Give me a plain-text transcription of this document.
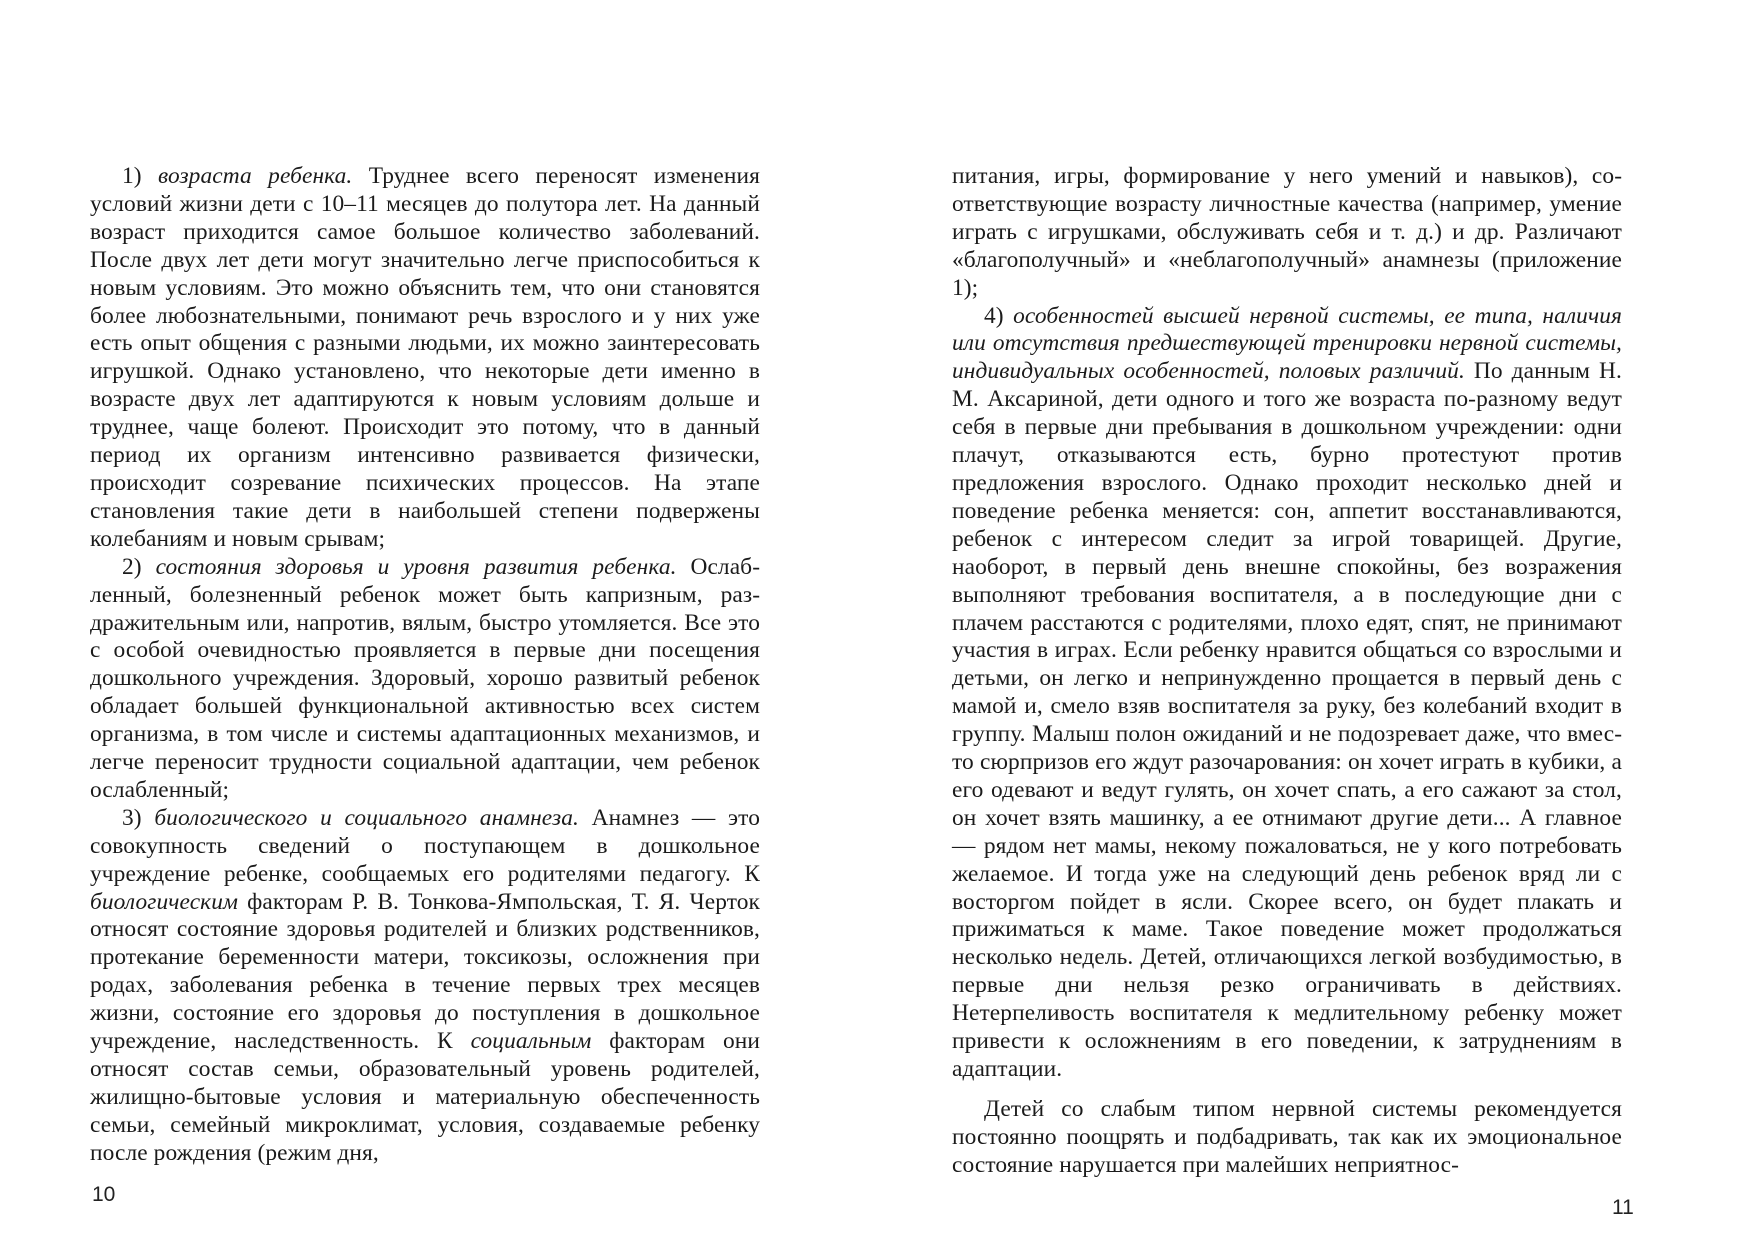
1) возраста ребенка. Труднее всего переносят изменения условий жизни дети с 10–11 месяцев до полутора лет. На данный возраст приходится самое большое количество заболеваний. После двух лет дети могут значительно легче приспособиться к новым условиям. Это можно объяснить тем, что они становятся более любознательными, понимают речь взрослого и у них уже есть опыт общения с разными людьми, их можно заинтересовать игрушкой. Однако установлено, что некоторые дети именно в возрасте двух лет адаптируются к новым условиям дольше и труднее, чаще болеют. Происходит это потому, что в данный период их организм интенсивно развивается физически, происходит созревание психических процессов. На этапе становления такие дети в наибольшей степени подвержены колебаниям и новым срывам;

2) состояния здоровья и уровня развития ребенка. Ослабленный, болезненный ребенок может быть капризным, раздражительным или, напротив, вялым, быстро утомляется. Все это с особой очевидностью проявляется в первые дни посещения дошкольного учреждения. Здоровый, хорошо развитый ребенок обладает большей функциональной активностью всех систем организма, в том числе и системы адаптационных механизмов, и легче переносит трудности социальной адаптации, чем ребенок ослабленный;

3) биологического и социального анамнеза. Анамнез — это совокупность сведений о поступающем в дошкольное учреждение ребенке, сообщаемых его родителями педагогу. К биологическим факторам Р. В. Тонкова-Ямпольская, Т. Я. Черток относят состояние здоровья родителей и близких родственников, протекание беременности матери, токсикозы, осложнения при родах, заболевания ребенка в течение первых трех месяцев жизни, состояние его здоровья до поступления в дошкольное учреждение, наследственность. К социальным факторам они относят состав семьи, образовательный уровень родителей, жилищно-бытовые условия и материальную обеспеченность семьи, семейный микроклимат, условия, создаваемые ребенку после рождения (режим дня,

10

питания, игры, формирование у него умений и навыков), соответствующие возрасту личностные качества (например, умение играть с игрушками, обслуживать себя и т. д.) и др. Различают «благополучный» и «неблагополучный» анамнезы (приложение 1);

4) особенностей высшей нервной системы, ее типа, наличия или отсутствия предшествующей тренировки нервной системы, индивидуальных особенностей, половых различий. По данным Н. М. Аксариной, дети одного и того же возраста по-разному ведут себя в первые дни пребывания в дошкольном учреждении: одни плачут, отказываются есть, бурно протестуют против предложения взрослого. Однако проходит несколько дней и поведение ребенка меняется: сон, аппетит восстанавливаются, ребенок с интересом следит за игрой товарищей. Другие, наоборот, в первый день внешне спокойны, без возражения выполняют требования воспитателя, а в последующие дни с плачем расстаются с родителями, плохо едят, спят, не принимают участия в играх. Если ребенку нравится общаться со взрослыми и детьми, он легко и непринужденно прощается в первый день с мамой и, смело взяв воспитателя за руку, без колебаний входит в группу. Малыш полон ожиданий и не подозревает даже, что вместо сюрпризов его ждут разочарования: он хочет играть в кубики, а его одевают и ведут гулять, он хочет спать, а его сажают за стол, он хочет взять машинку, а ее отнимают другие дети... А главное — рядом нет мамы, некому пожаловаться, не у кого потребовать желаемое. И тогда уже на следующий день ребенок вряд ли с восторгом пойдет в ясли. Скорее всего, он будет плакать и прижиматься к маме. Такое поведение может продолжаться несколько недель. Детей, отличающихся легкой возбудимостью, в первые дни нельзя резко ограничивать в действиях. Нетерпеливость воспитателя к медлительному ребенку может привести к осложнениям в его поведении, к затруднениям в адаптации.

Детей со слабым типом нервной системы рекомендуется постоянно поощрять и подбадривать, так как их эмоциональное состояние нарушается при малейших неприятнос-

11
